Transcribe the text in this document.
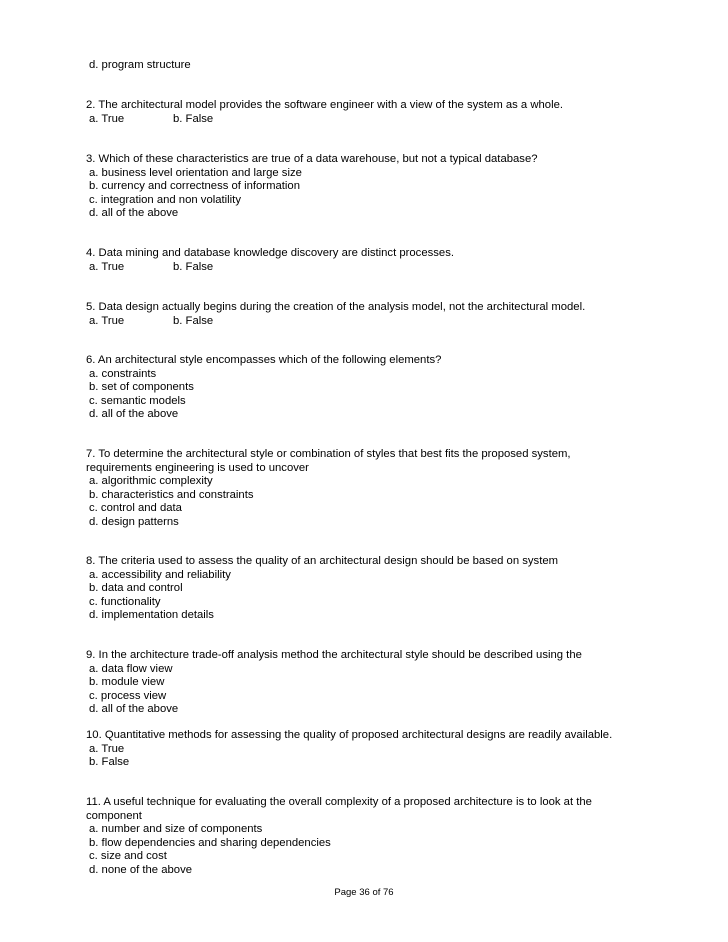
d. program structure
2. The architectural model provides the software engineer with a view of the system as a whole.
a. True	b. False
3. Which of these characteristics are true of a data warehouse, but not a typical database?
a. business level orientation and large size
b. currency and correctness of information
c. integration and non volatility
d. all of the above
4. Data mining and database knowledge discovery are distinct processes.
a. True	b. False
5. Data design actually begins during the creation of the analysis model, not the architectural model.
a. True	b. False
6. An architectural style encompasses which of the following elements?
a. constraints
b. set of components
c. semantic models
d. all of the above
7. To determine the architectural style or combination of styles that best fits the proposed system,
requirements engineering is used to uncover
a. algorithmic complexity
b. characteristics and constraints
c. control and data
d. design patterns
8. The criteria used to assess the quality of an architectural design should be based on system
a. accessibility and reliability
b. data and control
c. functionality
d. implementation details
9. In the architecture trade-off analysis method the architectural style should be described using the
a. data flow view
b. module view
c. process view
d. all of the above
10. Quantitative methods for assessing the quality of proposed architectural designs are readily available.
a. True
b. False
11. A useful technique for evaluating the overall complexity of a proposed architecture is to look at the
component
a. number and size of components
b. flow dependencies and sharing dependencies
c. size and cost
d. none of the above
Page 36 of 76
